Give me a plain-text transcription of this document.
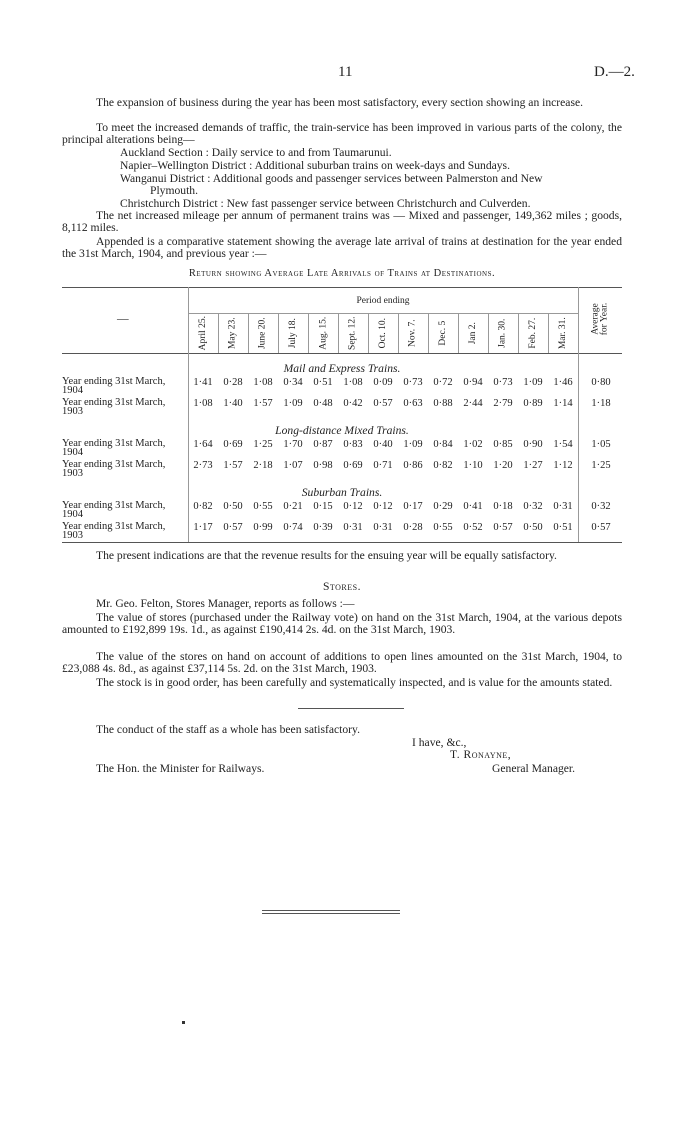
11	D.—2.
The expansion of business during the year has been most satisfactory, every section showing an increase.
To meet the increased demands of traffic, the train-service has been improved in various parts of the colony, the principal alterations being—
Auckland Section : Daily service to and from Taumarunui.
Napier–Wellington District : Additional suburban trains on week-days and Sundays.
Wanganui District : Additional goods and passenger services between Palmerston and New
Plymouth.
Christchurch District : New fast passenger service between Christchurch and Culverden.
The net increased mileage per annum of permanent trains was — Mixed and passenger, 149,362 miles ; goods, 8,112 miles.
Appended is a comparative statement showing the average late arrival of trains at destination for the year ended the 31st March, 1904, and previous year :—
Return showing Average Late Arrivals of Trains at Destinations.
—
Period ending
April 25. May 23. June 20. July 18. Aug. 15. Sept. 12. Oct. 10. Nov. 7. Dec. 5 Jan 2. Jan. 30. Feb. 27. Mar. 31. Average for Year.
Mail and Express Trains.
Year ending 31st March, 1904
1·41	0·28	1·08	0·34	0·51	1·08	0·09	0·73	0·72	0·94	0·73	1·09	1·46	0·80
Year ending 31st March, 1903
1·08	1·40	1·57	1·09	0·48	0·42	0·57	0·63	0·88	2·44	2·79	0·89	1·14	1·18
Long-distance Mixed Trains.
Year ending 31st March, 1904
1·64	0·69	1·25	1·70	0·87	0·83	0·40	1·09	0·84	1·02	0·85	0·90	1·54	1·05
Year ending 31st March, 1903
2·73	1·57	2·18	1·07	0·98	0·69	0·71	0·86	0·82	1·10	1·20	1·27	1·12	1·25
Suburban Trains.
Year ending 31st March, 1904
0·82	0·50	0·55	0·21	0·15	0·12	0·12	0·17	0·29	0·41	0·18	0·32	0·31	0·32
Year ending 31st March, 1903
1·17	0·57	0·99	0·74	0·39	0·31	0·31	0·28	0·55	0·52	0·57	0·50	0·51	0·57
The present indications are that the revenue results for the ensuing year will be equally satisfactory.
Stores.
Mr. Geo. Felton, Stores Manager, reports as follows :—
The value of stores (purchased under the Railway vote) on hand on the 31st March, 1904, at the various depots amounted to £192,899 19s. 1d., as against £190,414 2s. 4d. on the 31st March, 1903.
The value of the stores on hand on account of additions to open lines amounted on the 31st March, 1904, to £23,088 4s. 8d., as against £37,114 5s. 2d. on the 31st March, 1903.
The stock is in good order, has been carefully and systematically inspected, and is value for the amounts stated.
The conduct of the staff as a whole has been satisfactory.
I have, &c.,
T. Ronayne,
The Hon. the Minister for Railways.	General Manager.
